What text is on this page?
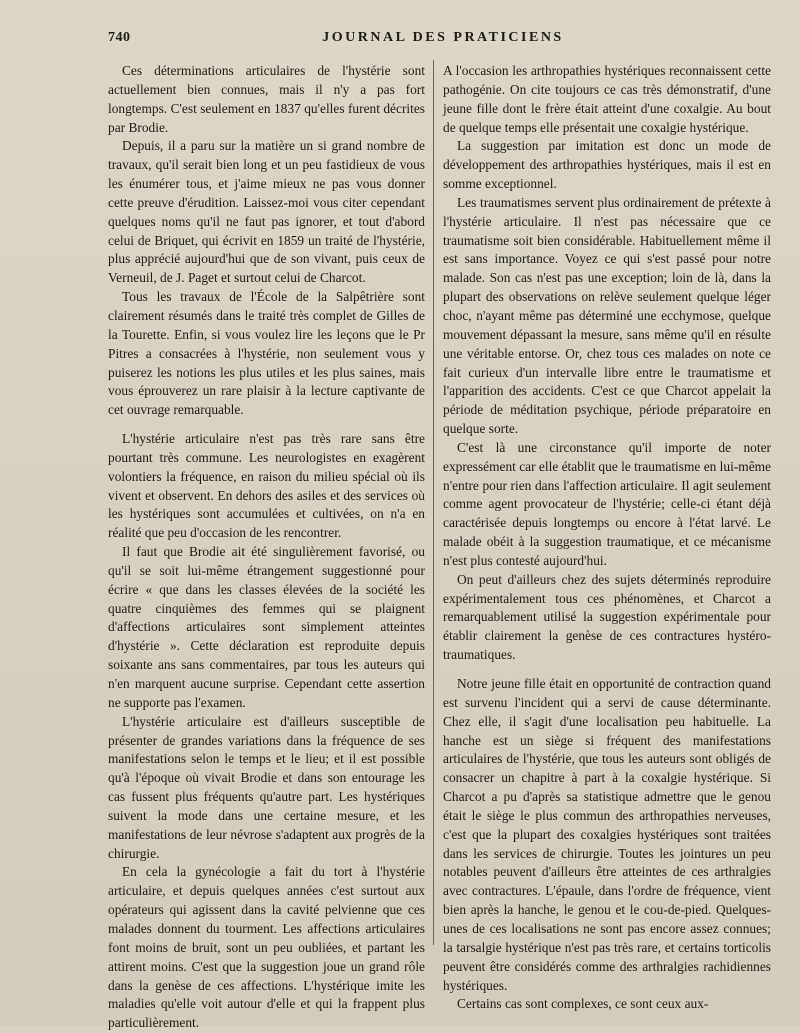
740	JOURNAL DES PRATICIENS

Ces déterminations articulaires de l'hystérie sont actuellement bien connues, mais il n'y a pas fort longtemps. C'est seulement en 1837 qu'elles furent décrites par Brodie.

Depuis, il a paru sur la matière un si grand nombre de travaux, qu'il serait bien long et un peu fastidieux de vous les énumérer tous, et j'aime mieux ne pas vous donner cette preuve d'érudition. Laissez-moi vous citer cependant quelques noms qu'il ne faut pas ignorer, et tout d'abord celui de Briquet, qui écrivit en 1859 un traité de l'hystérie, plus apprécié aujourd'hui que de son vivant, puis ceux de Verneuil, de J. Paget et surtout celui de Charcot.

Tous les travaux de l'École de la Salpêtrière sont clairement résumés dans le traité très complet de Gilles de la Tourette. Enfin, si vous voulez lire les leçons que le Pr Pitres a consacrées à l'hystérie, non seulement vous y puiserez les notions les plus utiles et les plus saines, mais vous éprouverez un rare plaisir à la lecture captivante de cet ouvrage remarquable.

L'hystérie articulaire n'est pas très rare sans être pourtant très commune. Les neurologistes en exagèrent volontiers la fréquence, en raison du milieu spécial où ils vivent et observent. En dehors des asiles et des services où les hystériques sont accumulées et cultivées, on n'a en réalité que peu d'occasion de les rencontrer.

Il faut que Brodie ait été singulièrement favorisé, ou qu'il se soit lui-même étrangement suggestionné pour écrire « que dans les classes élevées de la société les quatre cinquièmes des femmes qui se plaignent d'affections articulaires sont simplement atteintes d'hystérie ». Cette déclaration est reproduite depuis soixante ans sans commentaires, par tous les auteurs qui n'en marquent aucune surprise. Cependant cette assertion ne supporte pas l'examen.

L'hystérie articulaire est d'ailleurs susceptible de présenter de grandes variations dans la fréquence de ses manifestations selon le temps et le lieu; et il est possible qu'à l'époque où vivait Brodie et dans son entourage les cas fussent plus fréquents qu'autre part. Les hystériques suivent la mode dans une certaine mesure, et les manifestations de leur névrose s'adaptent aux progrès de la chirurgie.

En cela la gynécologie a fait du tort à l'hystérie articulaire, et depuis quelques années c'est surtout aux opérateurs qui agissent dans la cavité pelvienne que ces malades donnent du tourment. Les affections articulaires font moins de bruit, sont un peu oubliées, et partant les attirent moins. C'est que la suggestion joue un grand rôle dans la genèse de ces affections. L'hystérique imite les maladies qu'elle voit autour d'elle et qui la frappent plus particulièrement.

A l'occasion les arthropathies hystériques reconnaissent cette pathogénie. On cite toujours ce cas très démonstratif, d'une jeune fille dont le frère était atteint d'une coxalgie. Au bout de quelque temps elle présentait une coxalgie hystérique.

La suggestion par imitation est donc un mode de développement des arthropathies hystériques, mais il est en somme exceptionnel.

Les traumatismes servent plus ordinairement de prétexte à l'hystérie articulaire. Il n'est pas nécessaire que ce traumatisme soit bien considérable. Habituellement même il est sans importance. Voyez ce qui s'est passé pour notre malade. Son cas n'est pas une exception; loin de là, dans la plupart des observations on relève seulement quelque léger choc, n'ayant même pas déterminé une ecchymose, quelque mouvement dépassant la mesure, sans même qu'il en résulte une véritable entorse. Or, chez tous ces malades on note ce fait curieux d'un intervalle libre entre le traumatisme et l'apparition des accidents. C'est ce que Charcot appelait la période de méditation psychique, période préparatoire en quelque sorte.

C'est là une circonstance qu'il importe de noter expressément car elle établit que le traumatisme en lui-même n'entre pour rien dans l'affection articulaire. Il agit seulement comme agent provocateur de l'hystérie; celle-ci étant déjà caractérisée depuis longtemps ou encore à l'état larvé. Le malade obéit à la suggestion traumatique, et ce mécanisme n'est plus contesté aujourd'hui.

On peut d'ailleurs chez des sujets déterminés reproduire expérimentalement tous ces phénomènes, et Charcot a remarquablement utilisé la suggestion expérimentale pour établir clairement la genèse de ces contractures hystéro-traumatiques.

Notre jeune fille était en opportunité de contraction quand est survenu l'incident qui a servi de cause déterminante. Chez elle, il s'agit d'une localisation peu habituelle. La hanche est un siège si fréquent des manifestations articulaires de l'hystérie, que tous les auteurs sont obligés de consacrer un chapitre à part à la coxalgie hystérique. Si Charcot a pu d'après sa statistique admettre que le genou était le siège le plus commun des arthropathies nerveuses, c'est que la plupart des coxalgies hystériques sont traitées dans les services de chirurgie. Toutes les jointures un peu notables peuvent d'ailleurs être atteintes de ces arthralgies avec contractures. L'épaule, dans l'ordre de fréquence, vient bien après la hanche, le genou et le cou-de-pied. Quelques-unes de ces localisations ne sont pas encore assez connues; la tarsalgie hystérique n'est pas très rare, et certains torticolis peuvent être considérés comme des arthralgies rachidiennes hystériques.

Certains cas sont complexes, ce sont ceux aux-
